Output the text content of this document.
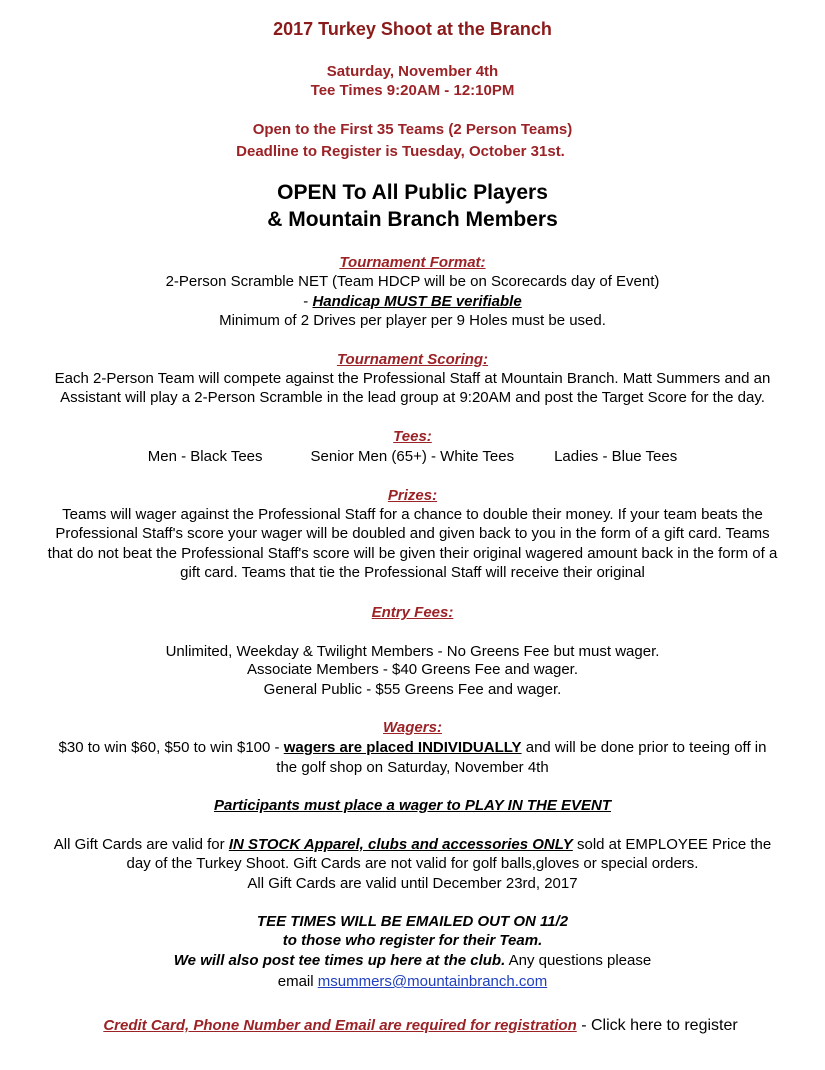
2017 Turkey Shoot at the Branch
Saturday, November 4th
Tee Times 9:20AM - 12:10PM
Open to the First 35 Teams (2 Person Teams)
Deadline to Register is Tuesday, October 31st.
OPEN To All Public Players
& Mountain Branch Members
Tournament Format:
2-Person Scramble NET (Team HDCP will be on Scorecards day of Event)
- Handicap MUST BE verifiable
Minimum of 2 Drives per player per 9 Holes must be used.
Tournament Scoring:
Each 2-Person Team will compete against the Professional Staff at Mountain Branch. Matt Summers and an
Assistant will play a 2-Person Scramble in the lead group at 9:20AM and post the Target Score for the day.
Tees:
Men - Black Tees	Senior Men (65+) - White Tees	Ladies - Blue Tees
Prizes:
Teams will wager against the Professional Staff for a chance to double their money. If your team beats the
Professional Staff's score your wager will be doubled and given back to you in the form of a gift card. Teams
that do not beat the Professional Staff's score will be given their original wagered amount back in the form of a
gift card. Teams that tie the Professional Staff will receive their original
Entry Fees:
Unlimited, Weekday & Twilight Members - No Greens Fee but must wager.
Associate Members - $40 Greens Fee and wager.
General Public - $55 Greens Fee and wager.
Wagers:
$30 to win $60, $50 to win $100 - wagers are placed INDIVIDUALLY and will be done prior to teeing off in
the golf shop on Saturday, November 4th
Participants must place a wager to PLAY IN THE EVENT
All Gift Cards are valid for IN STOCK Apparel, clubs and accessories ONLY sold at EMPLOYEE Price the
day of the Turkey Shoot. Gift Cards are not valid for golf balls,gloves or special orders.
All Gift Cards are valid until December 23rd, 2017
TEE TIMES WILL BE EMAILED OUT ON 11/2
to those who register for their Team.
We will also post tee times up here at the club. Any questions please
email msummers@mountainbranch.com
Credit Card, Phone Number and Email are required for registration - Click here to register
